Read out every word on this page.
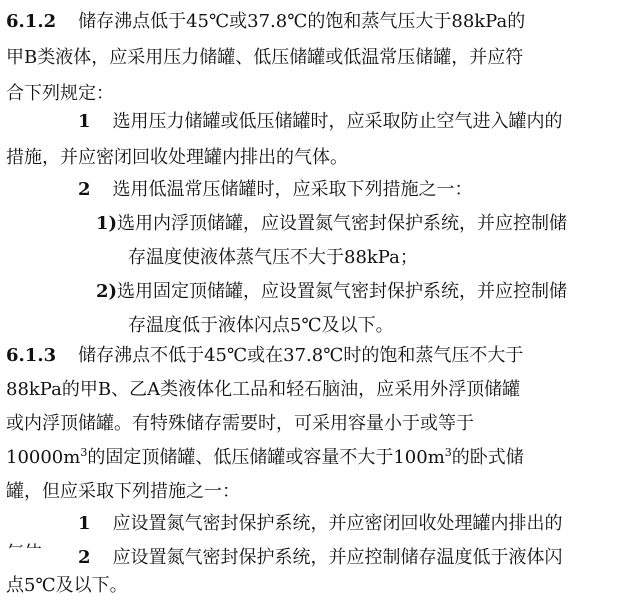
6.1.2 储存沸点低于45℃或37.8℃的饱和蒸气压大于88kPa的
甲B类液体，应采用压力储罐、低压储罐或低温常压储罐，并应符
合下列规定：
1 选用压力储罐或低压储罐时，应采取防止空气进入罐内的
措施，并应密闭回收处理罐内排出的气体。
2 选用低温常压储罐时，应采取下列措施之一：
1)选用内浮顶储罐，应设置氮气密封保护系统，并应控制储
存温度使液体蒸气压不大于88kPa；
2)选用固定顶储罐，应设置氮气密封保护系统，并应控制储
存温度低于液体闪点5℃及以下。
6.1.3 储存沸点不低于45℃或在37.8℃时的饱和蒸气压不大于
88kPa的甲B、乙A类液体化工品和轻石脑油，应采用外浮顶储罐
或内浮顶储罐。有特殊储存需要时，可采用容量小于或等于
$10000m^3$的固定顶储罐、低压储罐或容量不大于$100m^3$的卧式储
罐，但应采取下列措施之一：
1 应设置氮气密封保护系统，并应密闭回收处理罐内排出的
2 应设置氮气密封保护系统，并应控制储存温度低于液体闪
点5℃及以下。
